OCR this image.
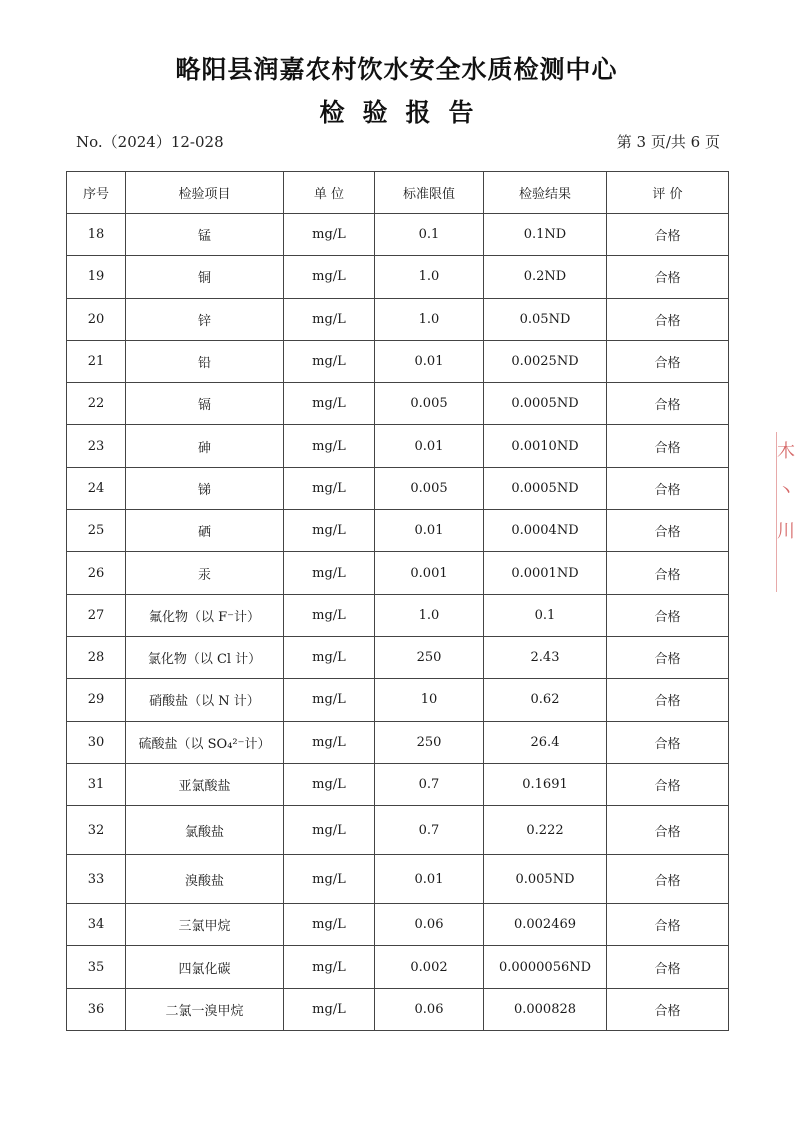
略阳县润嘉农村饮水安全水质检测中心
检验报告
No.（2024）12-028	第 3 页/共 6 页
序号	检验项目	单 位	标准限值	检验结果	评 价
18	锰	mg/L	0.1	0.1ND	合格
19	铜	mg/L	1.0	0.2ND	合格
20	锌	mg/L	1.0	0.05ND	合格
21	铅	mg/L	0.01	0.0025ND	合格
22	镉	mg/L	0.005	0.0005ND	合格
23	砷	mg/L	0.01	0.0010ND	合格
24	锑	mg/L	0.005	0.0005ND	合格
25	硒	mg/L	0.01	0.0004ND	合格
26	汞	mg/L	0.001	0.0001ND	合格
27	氟化物（以 F⁻计）	mg/L	1.0	0.1	合格
28	氯化物（以 Cl 计）	mg/L	250	2.43	合格
29	硝酸盐（以 N 计）	mg/L	10	0.62	合格
30	硫酸盐（以 SO₄²⁻计）	mg/L	250	26.4	合格
31	亚氯酸盐	mg/L	0.7	0.1691	合格
32	氯酸盐	mg/L	0.7	0.222	合格
33	溴酸盐	mg/L	0.01	0.005ND	合格
34	三氯甲烷	mg/L	0.06	0.002469	合格
35	四氯化碳	mg/L	0.002	0.0000056ND	合格
36	二氯一溴甲烷	mg/L	0.06	0.000828	合格
木
丶
川
